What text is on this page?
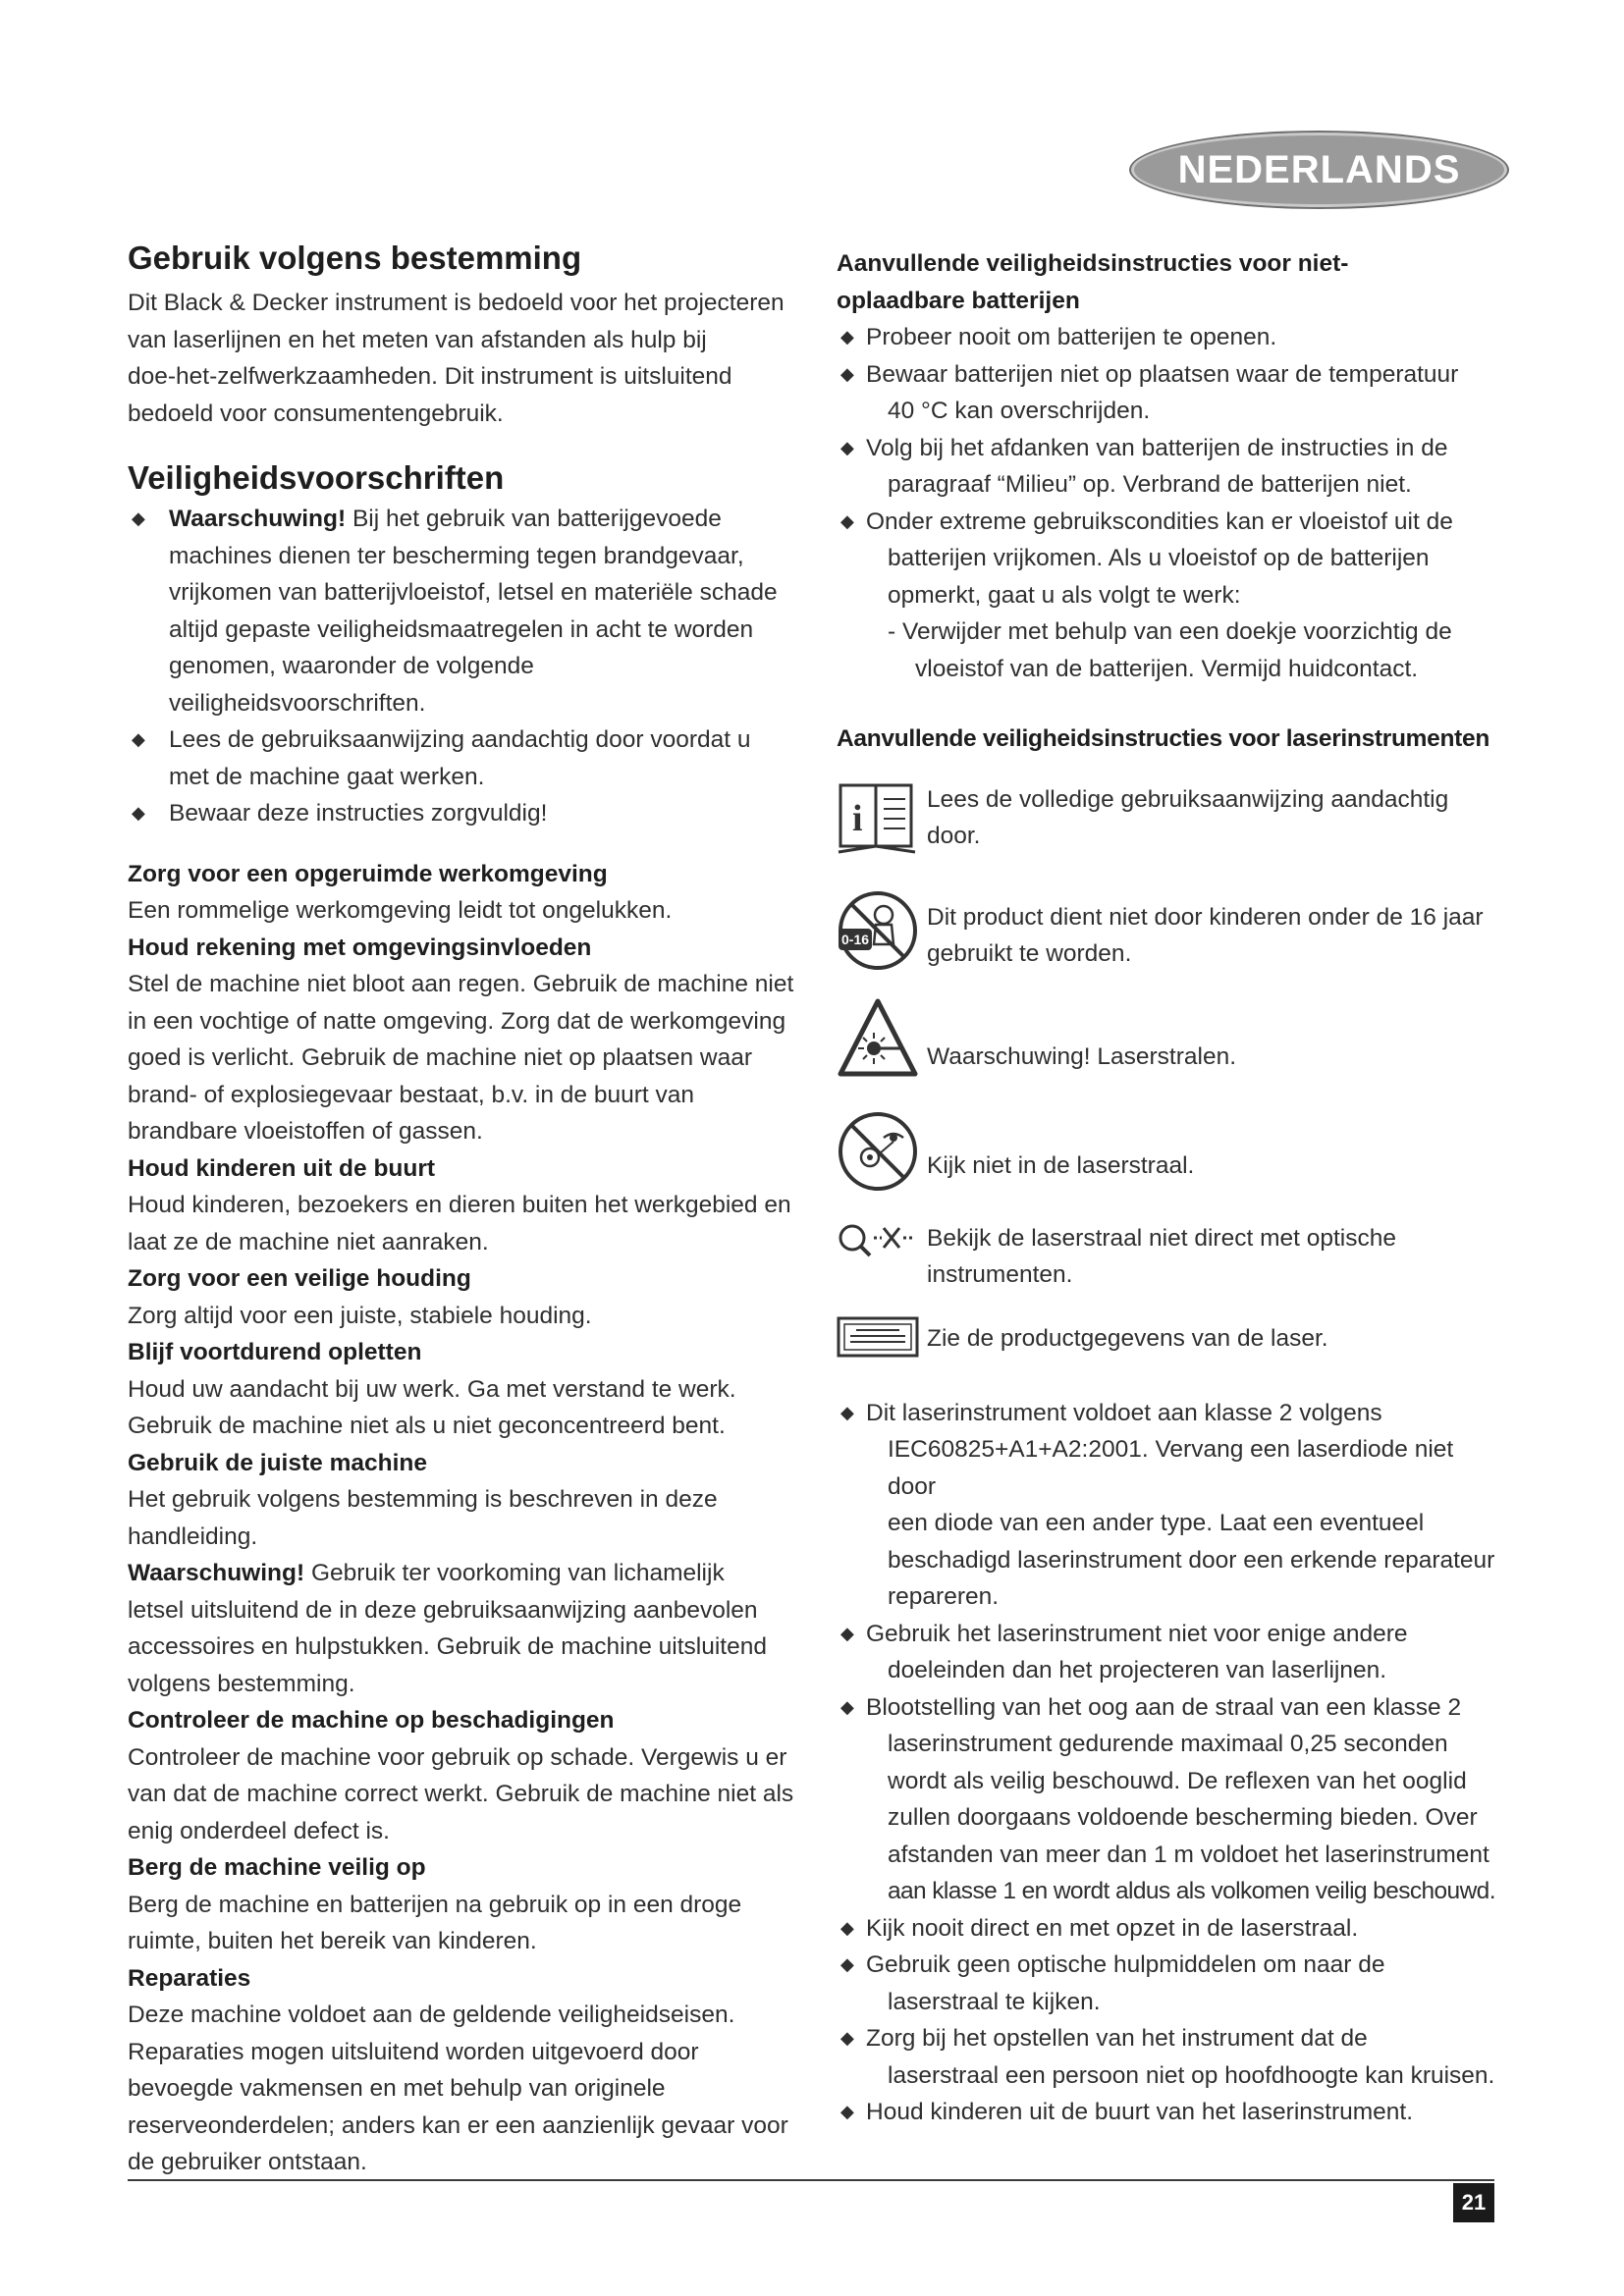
NEDERLANDS
Gebruik volgens bestemming

Dit Black & Decker instrument is bedoeld voor het projecteren

van laserlijnen en het meten van afstanden als hulp bij

doe-het-zelfwerkzaamheden. Dit instrument is uitsluitend

bedoeld voor consumentengebruik.

Veiligheidsvoorschriften
◆ Waarschuwing! Bij het gebruik van batterijgevoede
machines dienen ter bescherming tegen brandgevaar,
vrijkomen van batterijvloeistof, letsel en materiële schade
altijd gepaste veiligheidsmaatregelen in acht te worden
genomen, waaronder de volgende veiligheidsvoorschriften.
◆ Lees de gebruiksaanwijzing aandachtig door voordat u
met de machine gaat werken.
◆ Bewaar deze instructies zorgvuldig!
Zorg voor een opgeruimde werkomgeving

Een rommelige werkomgeving leidt tot ongelukken.

Houd rekening met omgevingsinvloeden

Stel de machine niet bloot aan regen. Gebruik de machine niet

in een vochtige of natte omgeving. Zorg dat de werkomgeving

goed is verlicht. Gebruik de machine niet op plaatsen waar

brand- of explosiegevaar bestaat, b.v. in de buurt van

brandbare vloeistoffen of gassen.

Houd kinderen uit de buurt

Houd kinderen, bezoekers en dieren buiten het werkgebied en

laat ze de machine niet aanraken.

Zorg voor een veilige houding

Zorg altijd voor een juiste, stabiele houding.

Blijf voortdurend opletten

Houd uw aandacht bij uw werk. Ga met verstand te werk.

Gebruik de machine niet als u niet geconcentreerd bent.

Gebruik de juiste machine

Het gebruik volgens bestemming is beschreven in deze

handleiding.

Waarschuwing! Gebruik ter voorkoming van lichamelijk

letsel uitsluitend de in deze gebruiksaanwijzing aanbevolen

accessoires en hulpstukken. Gebruik de machine uitsluitend

volgens bestemming.

Controleer de machine op beschadigingen

Controleer de machine voor gebruik op schade. Vergewis u er

van dat de machine correct werkt. Gebruik de machine niet als

enig onderdeel defect is.

Berg de machine veilig op

Berg de machine en batterijen na gebruik op in een droge

ruimte, buiten het bereik van kinderen.

Reparaties

Deze machine voldoet aan de geldende veiligheidseisen.

Reparaties mogen uitsluitend worden uitgevoerd door

bevoegde vakmensen en met behulp van originele

reserveonderdelen; anders kan er een aanzienlijk gevaar voor

de gebruiker ontstaan.

Aanvullende veiligheidsinstructies voor niet-
oplaadbare batterijen
◆ Probeer nooit om batterijen te openen.
◆ Bewaar batterijen niet op plaatsen waar de temperatuur
40 °C kan overschrijden.
◆ Volg bij het afdanken van batterijen de instructies in de
paragraaf “Milieu” op. Verbrand de batterijen niet.
◆ Onder extreme gebruikscondities kan er vloeistof uit de
batterijen vrijkomen. Als u vloeistof op de batterijen
opmerkt, gaat u als volgt te werk:
- Verwijder met behulp van een doekje voorzichtig de
vloeistof van de batterijen. Vermijd huidcontact.
Aanvullende veiligheidsinstructies voor laserinstrumenten
i	Lees de volledige gebruiksaanwijzing aandachtig
door.
0-16
Dit product dient niet door kinderen onder de 16 jaar
gebruikt te worden.
Waarschuwing! Laserstralen.
Kijk niet in de laserstraal.
Bekijk de laserstraal niet direct met optische
instrumenten.
Zie de productgegevens van de laser.
◆ Dit laserinstrument voldoet aan klasse 2 volgens
IEC60825+A1+A2:2001. Vervang een laserdiode niet door
een diode van een ander type. Laat een eventueel
beschadigd laserinstrument door een erkende reparateur
repareren.
◆ Gebruik het laserinstrument niet voor enige andere
doeleinden dan het projecteren van laserlijnen.
◆ Blootstelling van het oog aan de straal van een klasse 2
laserinstrument gedurende maximaal 0,25 seconden
wordt als veilig beschouwd. De reflexen van het ooglid
zullen doorgaans voldoende bescherming bieden. Over
afstanden van meer dan 1 m voldoet het laserinstrument
aan klasse 1 en wordt aldus als volkomen veilig beschouwd.
◆ Kijk nooit direct en met opzet in de laserstraal.
◆ Gebruik geen optische hulpmiddelen om naar de
laserstraal te kijken.
◆ Zorg bij het opstellen van het instrument dat de
laserstraal een persoon niet op hoofdhoogte kan kruisen.
◆ Houd kinderen uit de buurt van het laserinstrument.
21
